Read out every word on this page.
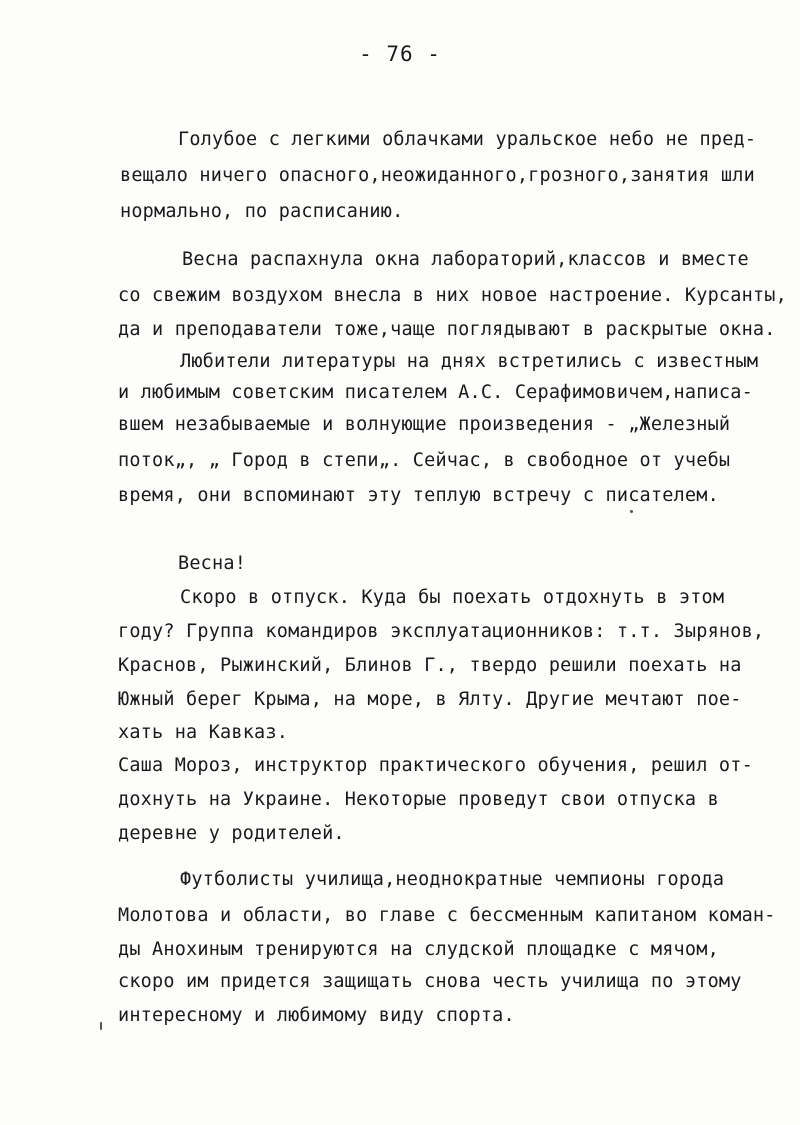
- 76 -
Голубое с легкими облачками уральское небо не пред-
вещало ничего опасного,неожиданного,грозного,занятия шли
нормально, по расписанию.
Весна распахнула окна лабораторий,классов и вместе
со свежим воздухом внесла в них новое настроение. Курсанты,
да и преподаватели тоже,чаще поглядывают в раскрытые окна.
Любители литературы на днях встретились с известным
и любимым советским писателем А.С. Серафимовичем,написа-
вшем незабываемые и волнующие произведения - „Железный
поток„, „ Город в степи„. Сейчас, в свободное от учебы
время, они вспоминают эту теплую встречу с писателем.
Весна!
Скоро в отпуск. Куда бы поехать отдохнуть в этом
году? Группа командиров эксплуатационников: т.т. Зырянов,
Краснов, Рыжинский, Блинов Г., твердо решили поехать на
Южный берег Крыма, на море, в Ялту. Другие мечтают пое-
хать на Кавказ.
Саша Мороз, инструктор практического обучения, решил от-
дохнуть на Украине. Некоторые проведут свои отпуска в
деревне у родителей.
Футболисты училища,неоднократные чемпионы города
Молотова и области, во главе с бессменным капитаном коман-
ды Анохиным тренируются на слудской площадке с мячом,
скоро им придется защищать снова честь училища по этому
интересному и любимому виду спорта.
